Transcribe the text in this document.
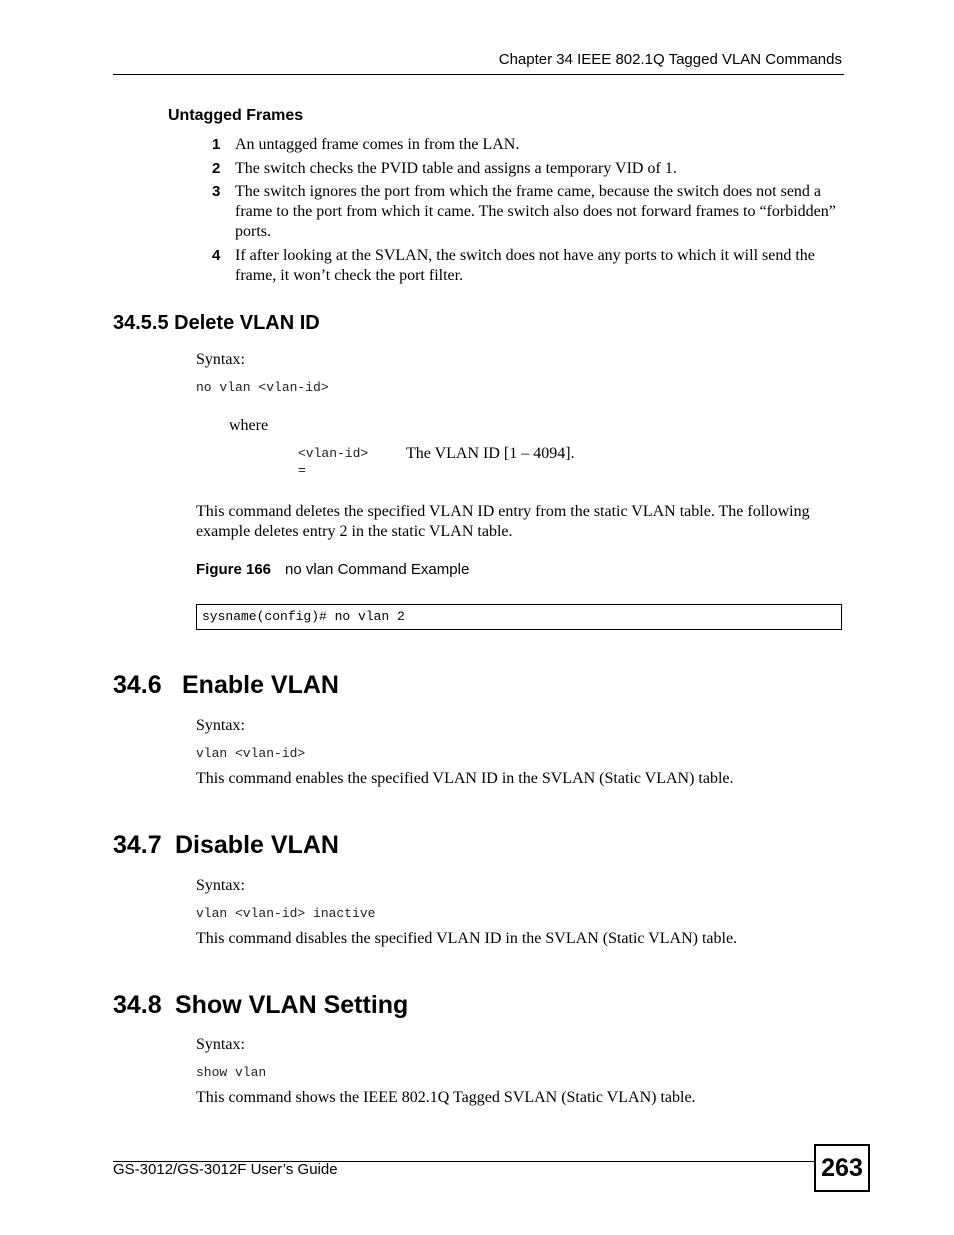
Chapter 34 IEEE 802.1Q Tagged VLAN Commands
Untagged Frames
1 An untagged frame comes in from the LAN.
2 The switch checks the PVID table and assigns a temporary VID of 1.
3 The switch ignores the port from which the frame came, because the switch does not send a frame to the port from which it came. The switch also does not forward frames to “forbidden” ports.
4 If after looking at the SVLAN, the switch does not have any ports to which it will send the frame, it won’t check the port filter.
34.5.5 Delete VLAN ID
Syntax:
no vlan <vlan-id>
where
<vlan-id>
=
The VLAN ID [1 – 4094].
This command deletes the specified VLAN ID entry from the static VLAN table. The following example deletes entry 2 in the static VLAN table.
Figure 166 no vlan Command Example
sysname(config)# no vlan 2
34.6 Enable VLAN
Syntax:
vlan <vlan-id>
This command enables the specified VLAN ID in the SVLAN (Static VLAN) table.
34.7 Disable VLAN
Syntax:
vlan <vlan-id> inactive
This command disables the specified VLAN ID in the SVLAN (Static VLAN) table.
34.8 Show VLAN Setting
Syntax:
show vlan
This command shows the IEEE 802.1Q Tagged SVLAN (Static VLAN) table.
GS-3012/GS-3012F User’s Guide	263
